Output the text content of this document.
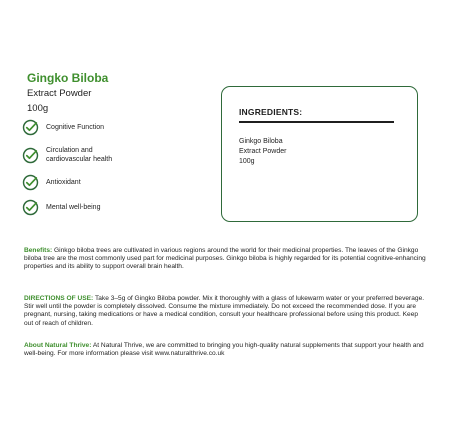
Gingko Biloba
Extract Powder
100g
Cognitive Function
Circulation and
cardiovascular health
Antioxidant
Mental well-being
INGREDIENTS:
Ginkgo Biloba
Extract Powder
100g

Benefits: Ginkgo biloba trees are cultivated in various regions around the world for their medicinal properties. The leaves of the Ginkgo biloba tree are the most commonly used part for medicinal purposes. Ginkgo biloba is highly regarded for its potential cognitive-enhancing properties and its ability to support overall brain health.

DIRECTIONS OF USE: Take 3–5g of Gingko Biloba powder. Mix it thoroughly with a glass of lukewarm water or your preferred beverage. Stir well until the powder is completely dissolved. Consume the mixture immediately. Do not exceed the recommended dose. If you are pregnant, nursing, taking medications or have a medical condition, consult your healthcare professional before using this product. Keep out of reach of children.

About Natural Thrive: At Natural Thrive, we are committed to bringing you high-quality natural supplements that support your health and well-being. For more information please visit www.naturalthrive.co.uk
